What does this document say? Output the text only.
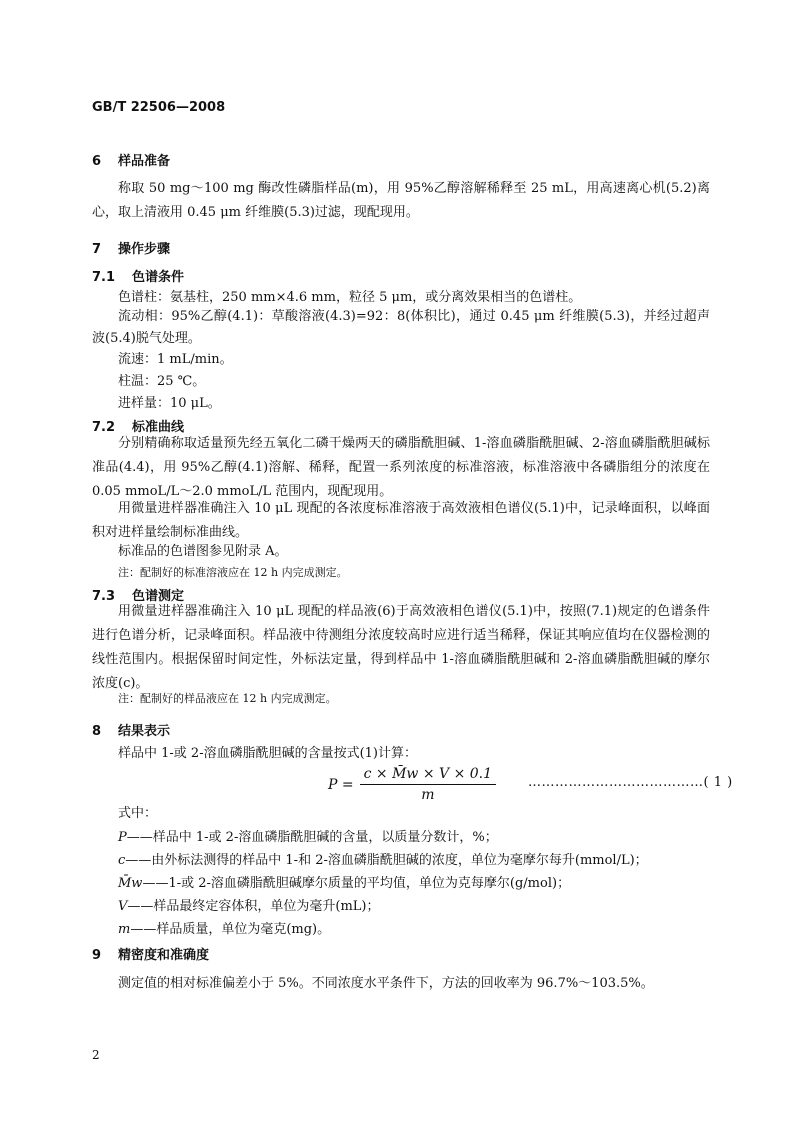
GB/T 22506—2008
6 样品准备
称取 50 mg～100 mg 酶改性磷脂样品(m)，用 95%乙醇溶解稀释至 25 mL，用高速离心机(5.2)离心，取上清液用 0.45 μm 纤维膜(5.3)过滤，现配现用。
7 操作步骤
7.1 色谱条件
色谱柱：氨基柱，250 mm×4.6 mm，粒径 5 μm，或分离效果相当的色谱柱。
流动相：95%乙醇(4.1)：草酸溶液(4.3)=92：8(体积比)，通过 0.45 μm 纤维膜(5.3)，并经过超声波(5.4)脱气处理。
流速：1 mL/min。
柱温：25 ℃。
进样量：10 μL。
7.2 标准曲线
分别精确称取适量预先经五氧化二磷干燥两天的磷脂酰胆碱、1-溶血磷脂酰胆碱、2-溶血磷脂酰胆碱标准品(4.4)，用 95%乙醇(4.1)溶解、稀释，配置一系列浓度的标准溶液，标准溶液中各磷脂组分的浓度在 0.05 mmoL/L～2.0 mmoL/L 范围内，现配现用。
用微量进样器准确注入 10 μL 现配的各浓度标准溶液于高效液相色谱仪(5.1)中，记录峰面积，以峰面积对进样量绘制标准曲线。
标准品的色谱图参见附录 A。
注：配制好的标准溶液应在 12 h 内完成测定。
7.3 色谱测定
用微量进样器准确注入 10 μL 现配的样品液(6)于高效液相色谱仪(5.1)中，按照(7.1)规定的色谱条件进行色谱分析，记录峰面积。样品液中待测组分浓度较高时应进行适当稀释，保证其响应值均在仪器检测的线性范围内。根据保留时间定性，外标法定量，得到样品中 1-溶血磷脂酰胆碱和 2-溶血磷脂酰胆碱的摩尔浓度(c)。
注：配制好的样品液应在 12 h 内完成测定。
8 结果表示
样品中 1-或 2-溶血磷脂酰胆碱的含量按式(1)计算：
$P = \frac{c \times M̄w \times V \times 0.1}{m}$ …………………………………( 1 )
式中：
P——样品中 1-或 2-溶血磷脂酰胆碱的含量，以质量分数计，%；
c——由外标法测得的样品中 1-和 2-溶血磷脂酰胆碱的浓度，单位为毫摩尔每升(mmol/L)；
M̄w——1-或 2-溶血磷脂酰胆碱摩尔质量的平均值，单位为克每摩尔(g/mol)；
V——样品最终定容体积，单位为毫升(mL)；
m——样品质量，单位为毫克(mg)。
9 精密度和准确度
测定值的相对标准偏差小于 5%。不同浓度水平条件下，方法的回收率为 96.7%～103.5%。
2
